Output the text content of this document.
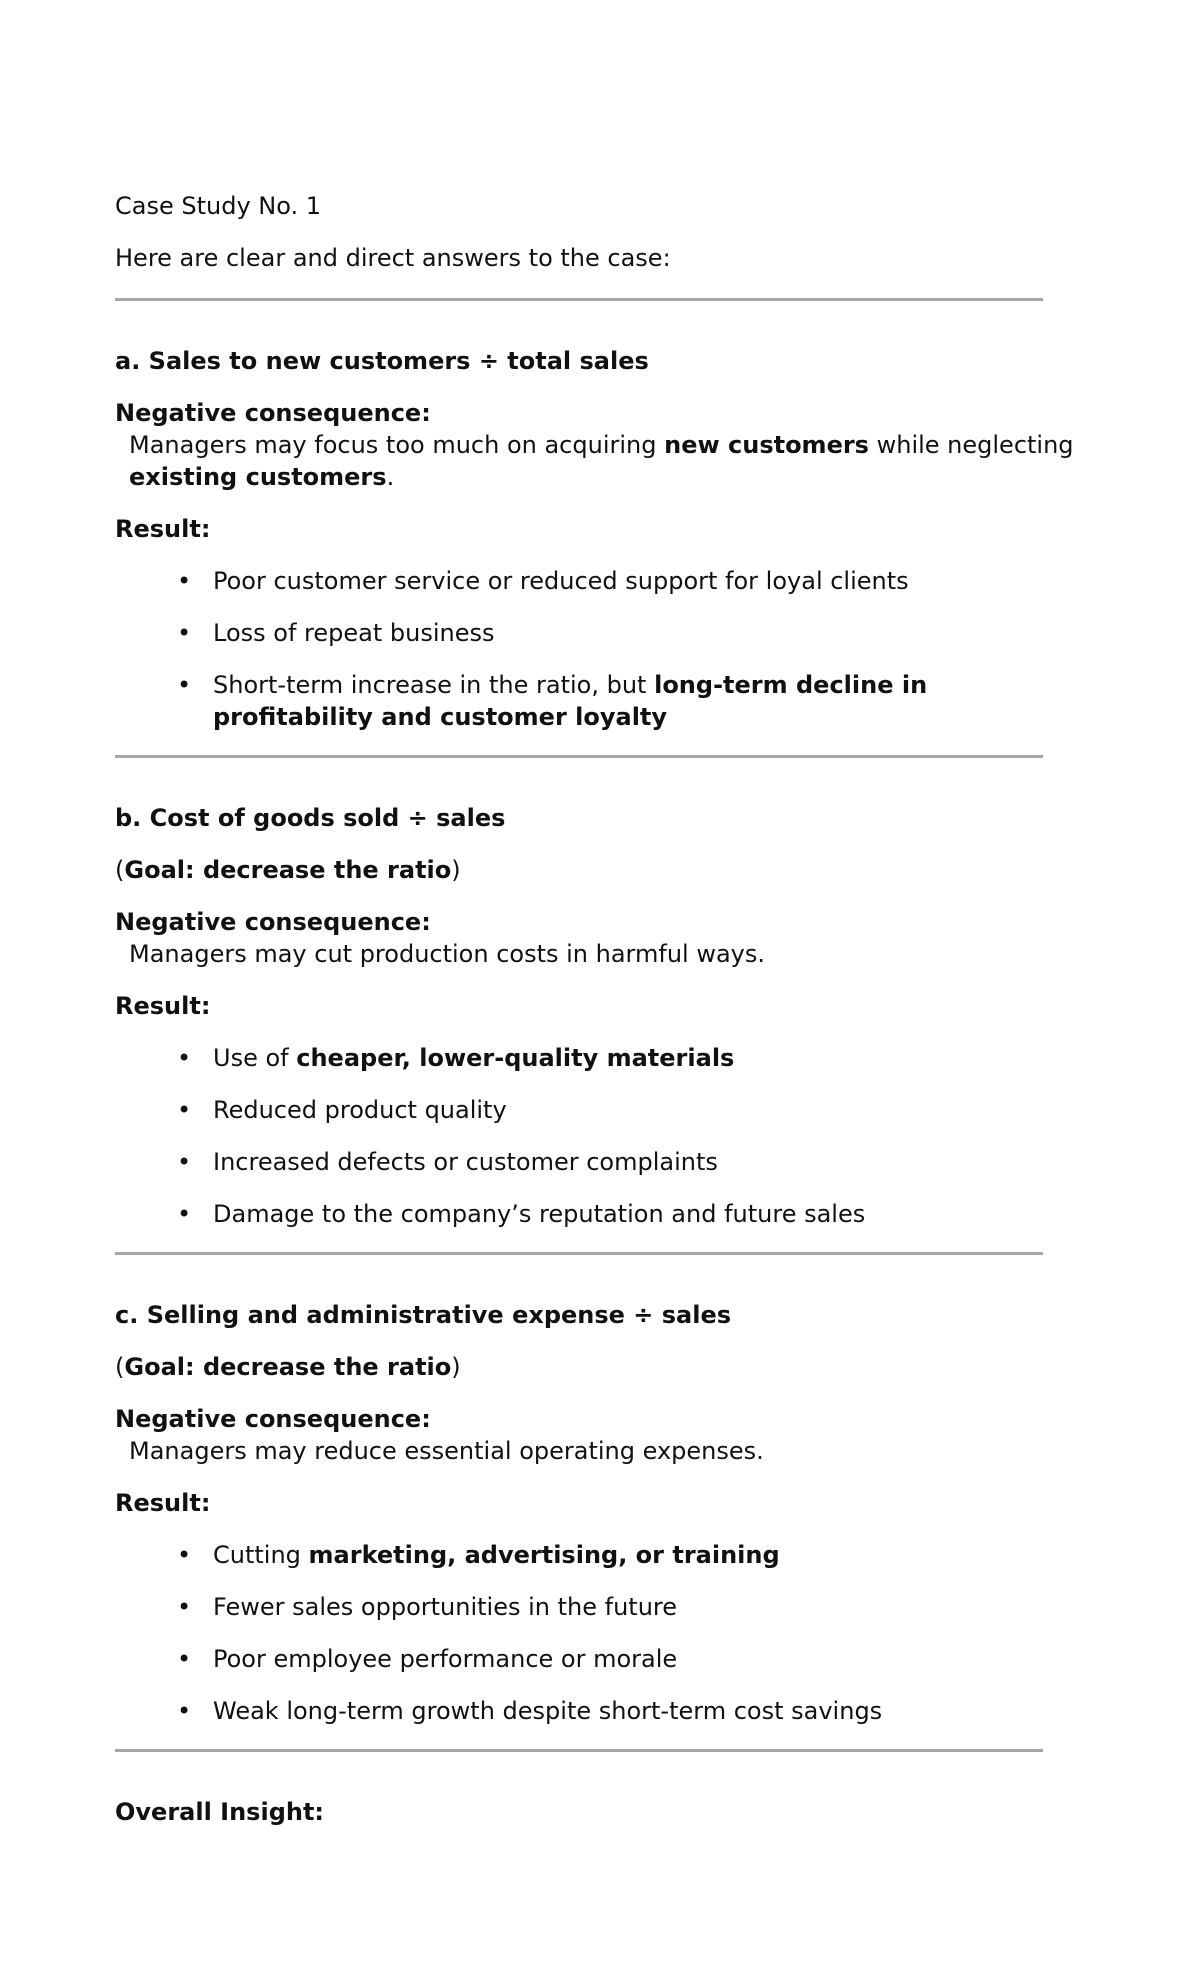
Case Study No. 1

Here are clear and direct answers to the case:

a. Sales to new customers ÷ total sales

Negative consequence:

Managers may focus too much on acquiring new customers while neglecting
existing customers.

Result:

• Poor customer service or reduced support for loyal clients
• Loss of repeat business
• Short-term increase in the ratio, but long-term decline in profitability and customer loyalty

b. Cost of goods sold ÷ sales

(Goal: decrease the ratio)

Negative consequence:

Managers may cut production costs in harmful ways.

Result:

• Use of cheaper, lower-quality materials
• Reduced product quality
• Increased defects or customer complaints
• Damage to the company’s reputation and future sales

c. Selling and administrative expense ÷ sales

(Goal: decrease the ratio)

Negative consequence:

Managers may reduce essential operating expenses.

Result:

• Cutting marketing, advertising, or training
• Fewer sales opportunities in the future
• Poor employee performance or morale
• Weak long-term growth despite short-term cost savings

Overall Insight:
